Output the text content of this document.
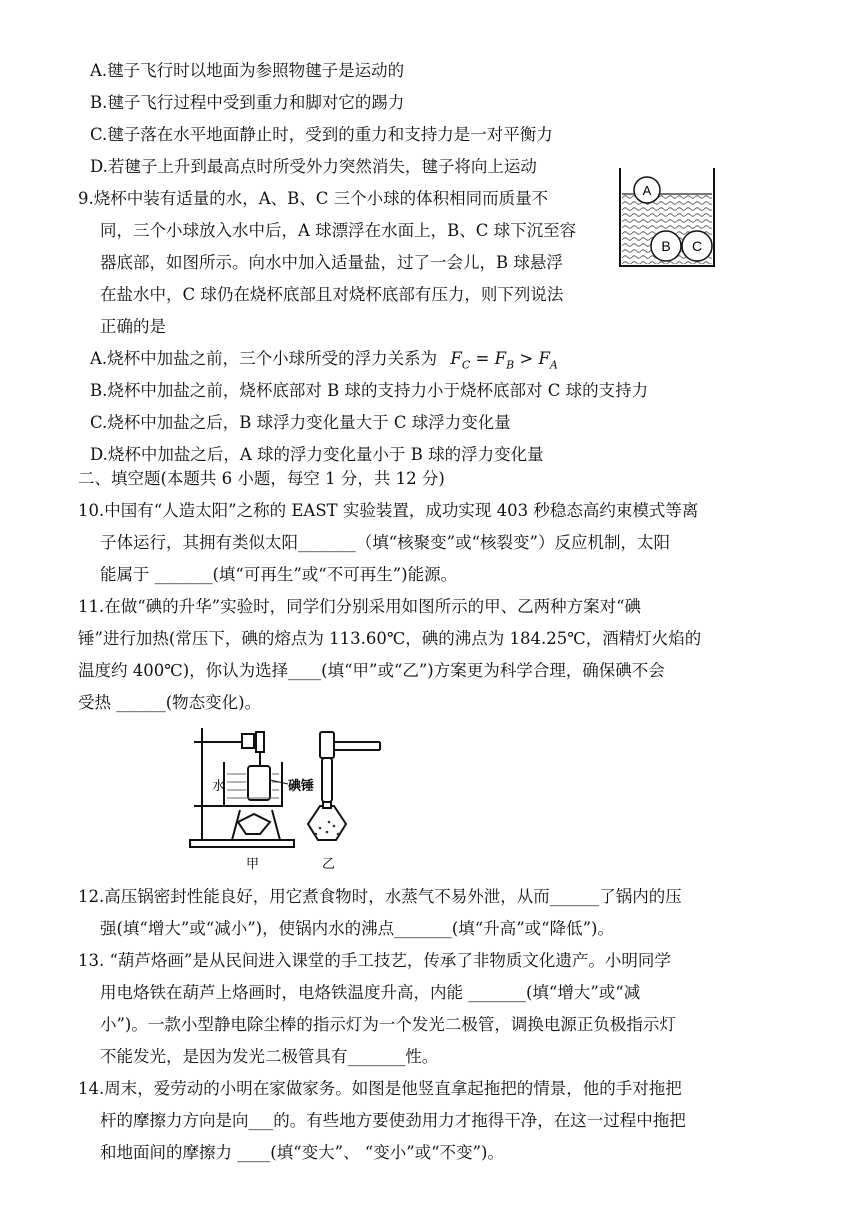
A.毽子飞行时以地面为参照物毽子是运动的
B.毽子飞行过程中受到重力和脚对它的踢力
C.毽子落在水平地面静止时，受到的重力和支持力是一对平衡力
D.若毽子上升到最高点时所受外力突然消失，毽子将向上运动
9.烧杯中装有适量的水，A、B、C 三个小球的体积相同而质量不
同，三个小球放入水中后，A 球漂浮在水面上，B、C 球下沉至容
器底部，如图所示。向水中加入适量盐，过了一会儿，B 球悬浮
在盐水中，C 球仍在烧杯底部且对烧杯底部有压力，则下列说法
正确的是
A
B C
A.烧杯中加盐之前，三个小球所受的浮力关系为 $F_C = F_B > F_A$
B.烧杯中加盐之前，烧杯底部对 B 球的支持力小于烧杯底部对 C 球的支持力
C.烧杯中加盐之后，B 球浮力变化量大于 C 球浮力变化量
D.烧杯中加盐之后，A 球的浮力变化量小于 B 球的浮力变化量
二、填空题(本题共 6 小题，每空 1 分，共 12 分)
10.中国有“人造太阳”之称的 EAST 实验装置，成功实现 403 秒稳态高约束模式等离
子体运行，其拥有类似太阳_______（填“核聚变”或“核裂变”）反应机制，太阳
能属于 _______(填“可再生”或“不可再生”)能源。
11.在做“碘的升华”实验时，同学们分别采用如图所示的甲、乙两种方案对“碘
锤”进行加热(常压下，碘的熔点为 113.60℃，碘的沸点为 184.25℃，酒精灯火焰的
温度约 400℃)，你认为选择____(填“甲”或“乙”)方案更为科学合理，确保碘不会
受热 ______(物态变化)。
水	碘锤
甲	乙
12.高压锅密封性能良好，用它煮食物时，水蒸气不易外泄，从而______了锅内的压
强(填“增大”或“减小”)，使锅内水的沸点_______(填“升高”或“降低”)。
13. “葫芦烙画”是从民间进入课堂的手工技艺，传承了非物质文化遗产。小明同学
用电烙铁在葫芦上烙画时，电烙铁温度升高，内能 _______(填“增大”或“减
小”)。一款小型静电除尘棒的指示灯为一个发光二极管，调换电源正负极指示灯
不能发光，是因为发光二极管具有_______性。
14.周末，爱劳动的小明在家做家务。如图是他竖直拿起拖把的情景，他的手对拖把
杆的摩擦力方向是向___的。有些地方要使劲用力才拖得干净，在这一过程中拖把
和地面间的摩擦力 ____(填“变大”、 “变小”或“不变”)。
